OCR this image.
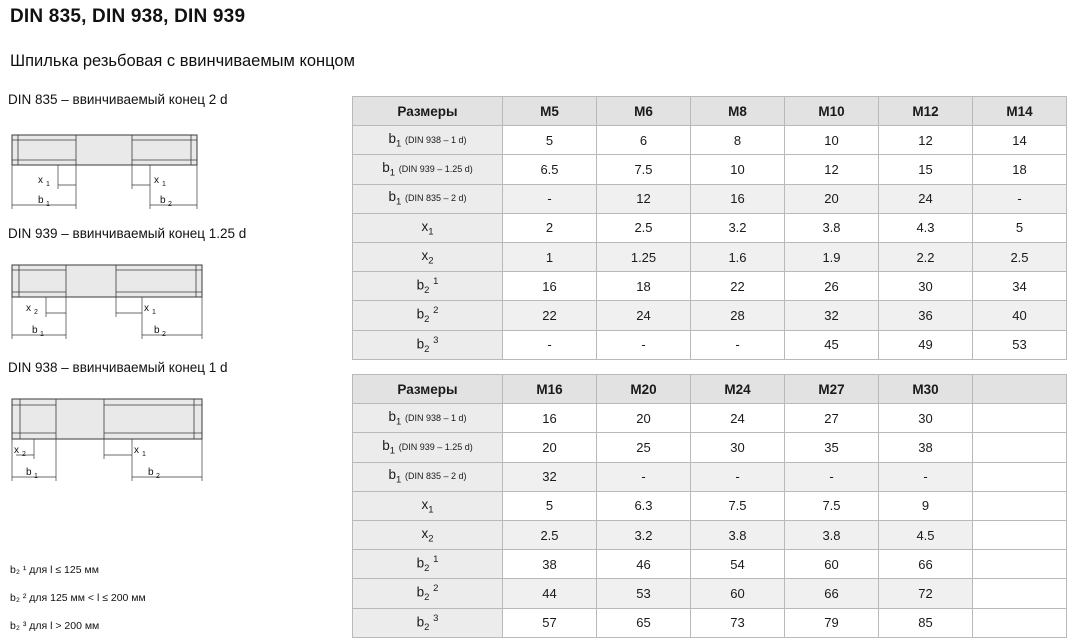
DIN 835, DIN 938, DIN 939
Шпилька резьбовая с ввинчиваемым концом
DIN 835 – ввинчиваемый конец 2 d
x 1	x 1
b 1	b 2
DIN 939 – ввинчиваемый конец 1.25 d
x 2	x 1
b 1	b 2
DIN 938 – ввинчиваемый конец 1 d
x 2	x 1
b 1	b 2
b₂ ¹ для l ≤ 125 мм
b₂ ² для 125 мм < l ≤ 200 мм
b₂ ³ для l > 200 мм
Размеры	M5	M6	M8	M10	M12	M14
$b_1$ (DIN 938 – 1 d)	5	6	8	10	12	14
$b_1$ (DIN 939 – 1.25 d)	6.5	7.5	10	12	15	18
$b_1$ (DIN 835 – 2 d)	-	12	16	20	24	-
$x_1$	2	2.5	3.2	3.8	4.3	5
$x_2$	1	1.25	1.6	1.9	2.2	2.5
$b_2$ $^1$	16	18	22	26	30	34
$b_2$ $^2$	22	24	28	32	36	40
$b_2$ $^3$	-	-	-	45	49	53
Размеры	M16	M20	M24	M27	M30	
$b_1$ (DIN 938 – 1 d)	16	20	24	27	30	
$b_1$ (DIN 939 – 1.25 d)	20	25	30	35	38	
$b_1$ (DIN 835 – 2 d)	32	-	-	-	-	
$x_1$	5	6.3	7.5	7.5	9	
$x_2$	2.5	3.2	3.8	3.8	4.5	
$b_2$ $^1$	38	46	54	60	66	
$b_2$ $^2$	44	53	60	66	72	
$b_2$ $^3$	57	65	73	79	85	
